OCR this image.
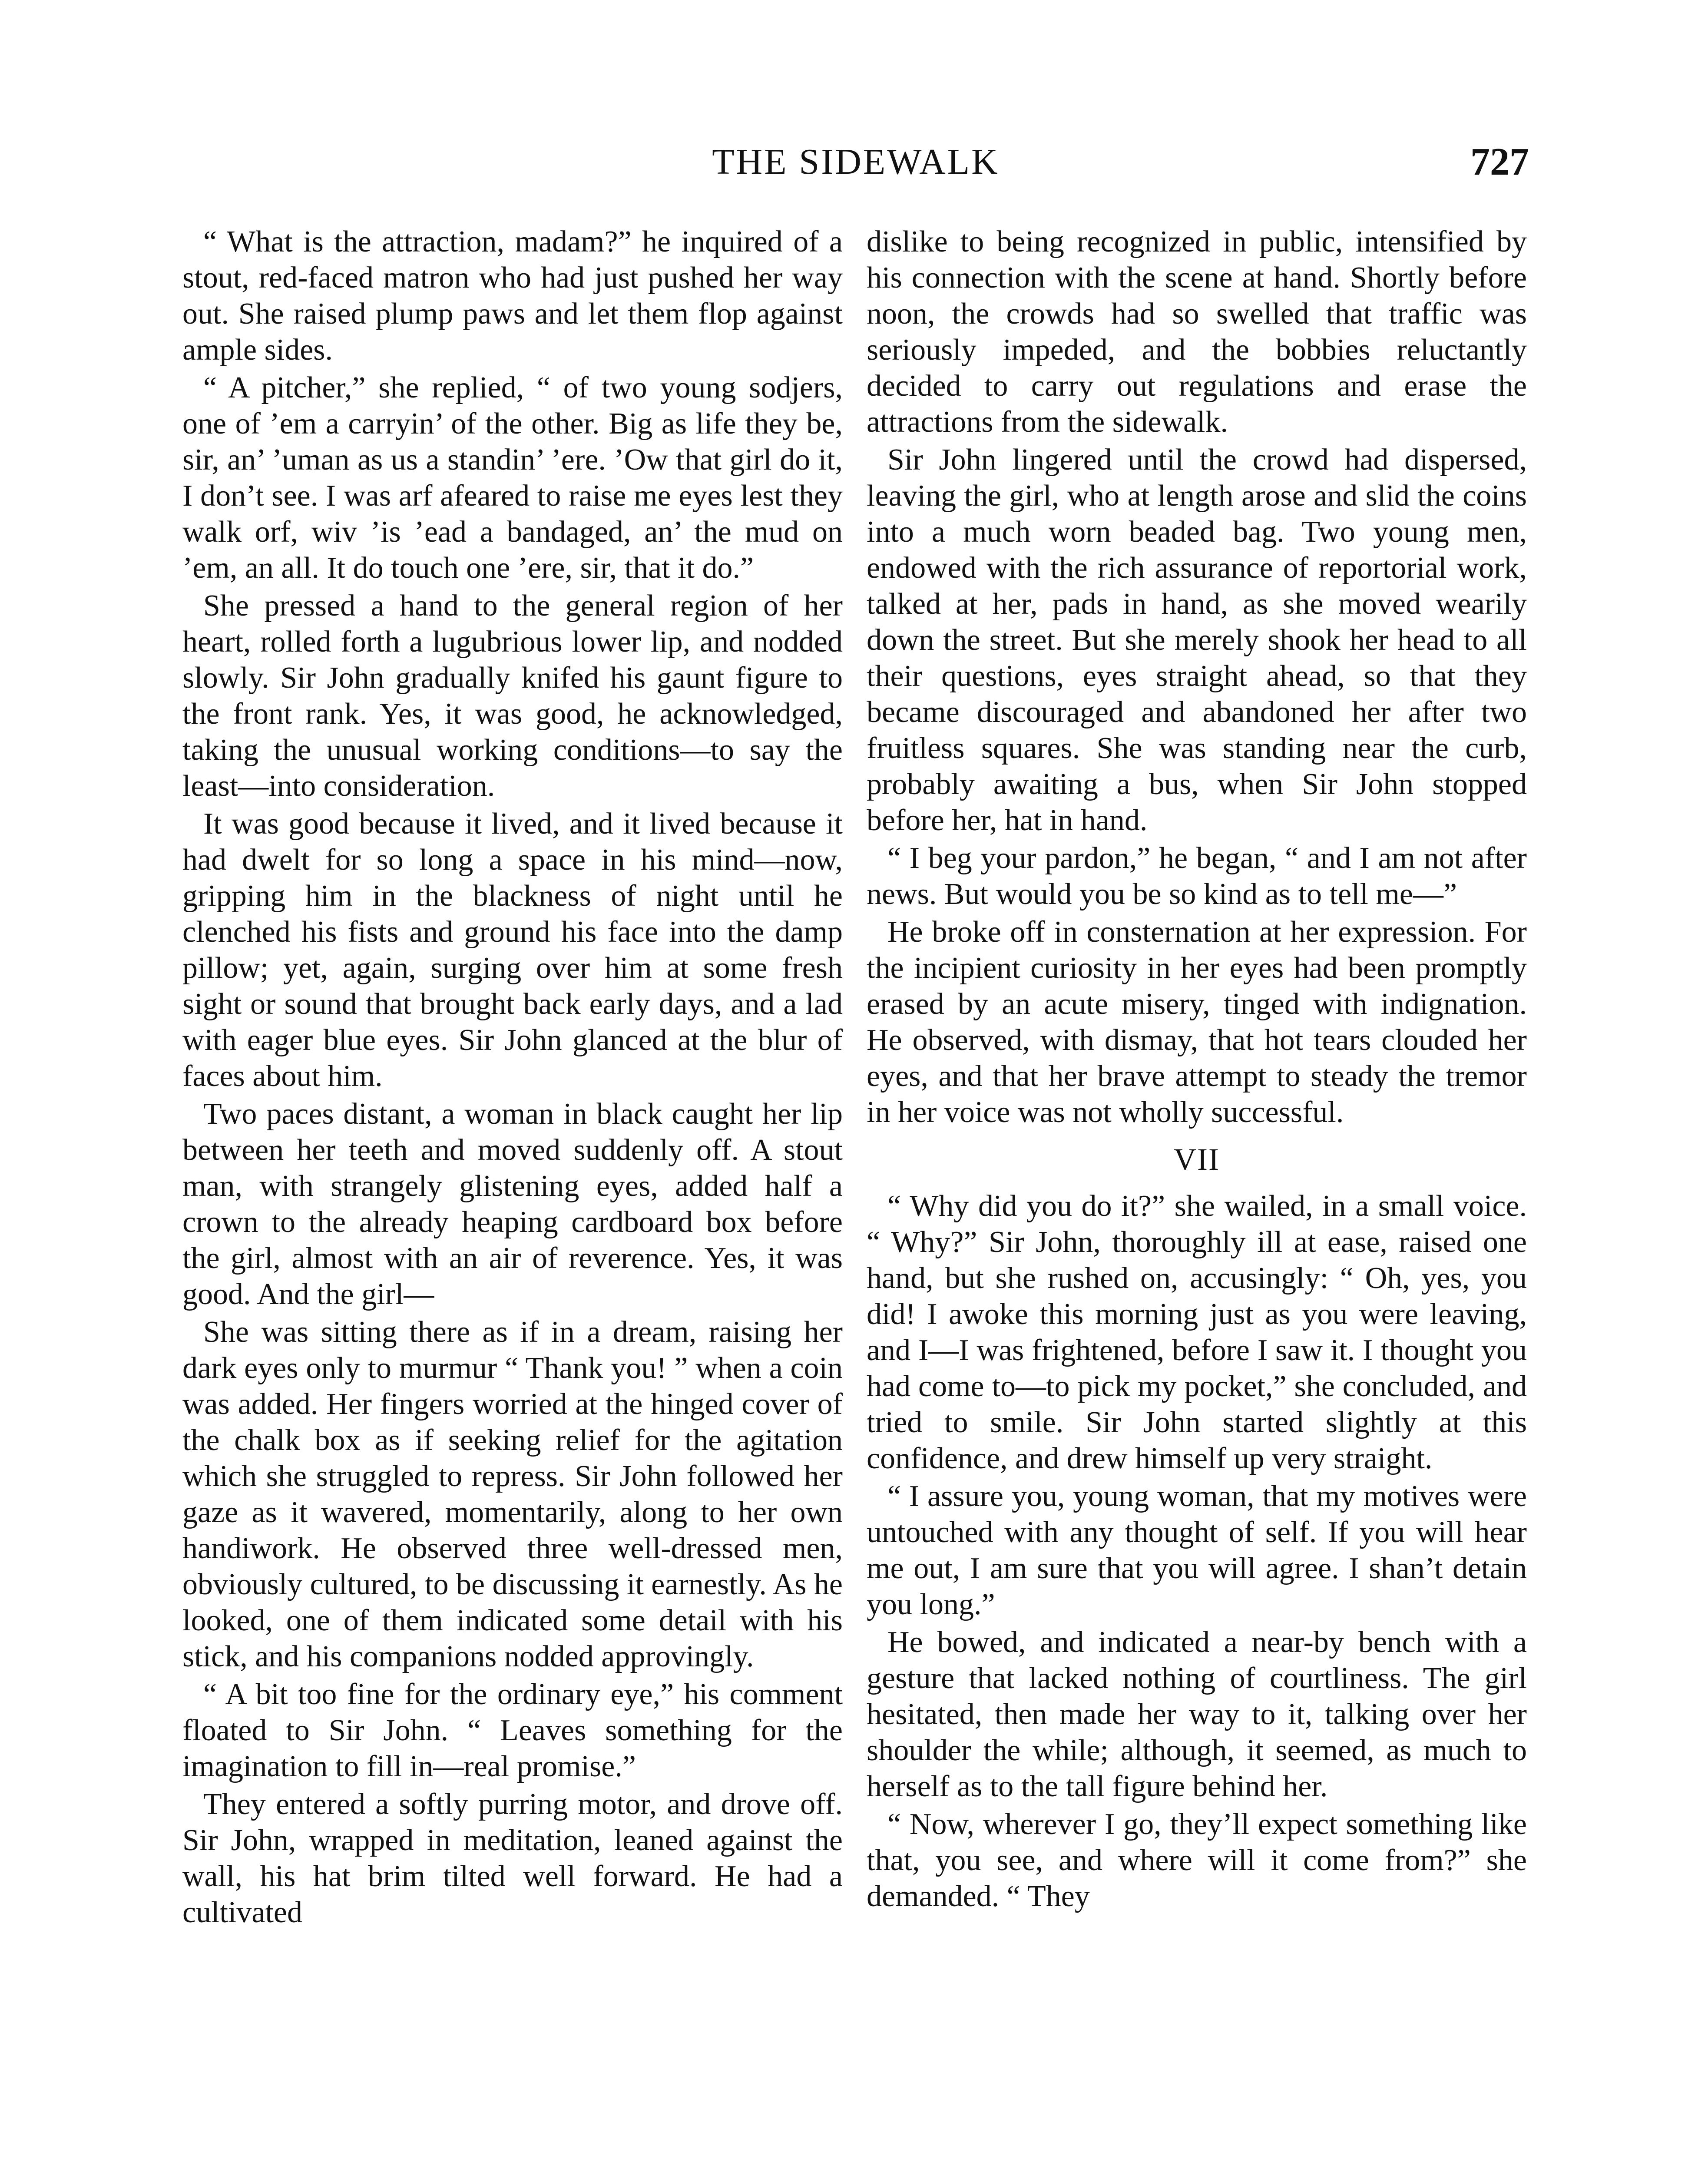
THE SIDEWALK	727

“ What is the attraction, madam?” he inquired of a stout, red-faced matron who had just pushed her way out. She raised plump paws and let them flop against ample sides.

“ A pitcher,” she replied, “ of two young sodjers, one of ’em a carryin’ of the other. Big as life they be, sir, an’ ’uman as us a standin’ ’ere. ’Ow that girl do it, I don’t see. I was arf afeared to raise me eyes lest they walk orf, wiv ’is ’ead a bandaged, an’ the mud on ’em, an all. It do touch one ’ere, sir, that it do.”

She pressed a hand to the general region of her heart, rolled forth a lugubrious lower lip, and nodded slowly. Sir John gradually knifed his gaunt figure to the front rank. Yes, it was good, he acknowledged, taking the unusual working conditions—to say the least—into consideration.

It was good because it lived, and it lived because it had dwelt for so long a space in his mind—now, gripping him in the blackness of night until he clenched his fists and ground his face into the damp pillow; yet, again, surging over him at some fresh sight or sound that brought back early days, and a lad with eager blue eyes. Sir John glanced at the blur of faces about him.

Two paces distant, a woman in black caught her lip between her teeth and moved suddenly off. A stout man, with strangely glistening eyes, added half a crown to the already heaping cardboard box before the girl, almost with an air of reverence. Yes, it was good. And the girl—

She was sitting there as if in a dream, raising her dark eyes only to murmur “ Thank you! ” when a coin was added. Her fingers worried at the hinged cover of the chalk box as if seeking relief for the agitation which she struggled to repress. Sir John followed her gaze as it wavered, momentarily, along to her own handiwork. He observed three well-dressed men, obviously cultured, to be discussing it earnestly. As he looked, one of them indicated some detail with his stick, and his companions nodded approvingly.

“ A bit too fine for the ordinary eye,” his comment floated to Sir John. “ Leaves something for the imagination to fill in—real promise.”

They entered a softly purring motor, and drove off. Sir John, wrapped in meditation, leaned against the wall, his hat brim tilted well forward. He had a cultivated

dislike to being recognized in public, intensified by his connection with the scene at hand. Shortly before noon, the crowds had so swelled that traffic was seriously impeded, and the bobbies reluctantly decided to carry out regulations and erase the attractions from the sidewalk.

Sir John lingered until the crowd had dispersed, leaving the girl, who at length arose and slid the coins into a much worn beaded bag. Two young men, endowed with the rich assurance of reportorial work, talked at her, pads in hand, as she moved wearily down the street. But she merely shook her head to all their questions, eyes straight ahead, so that they became discouraged and abandoned her after two fruitless squares. She was standing near the curb, probably awaiting a bus, when Sir John stopped before her, hat in hand.

“ I beg your pardon,” he began, “ and I am not after news. But would you be so kind as to tell me—”

He broke off in consternation at her expression. For the incipient curiosity in her eyes had been promptly erased by an acute misery, tinged with indignation. He observed, with dismay, that hot tears clouded her eyes, and that her brave attempt to steady the tremor in her voice was not wholly successful.

VII

“ Why did you do it?” she wailed, in a small voice. “ Why?” Sir John, thoroughly ill at ease, raised one hand, but she rushed on, accusingly: “ Oh, yes, you did! I awoke this morning just as you were leaving, and I—I was frightened, before I saw it. I thought you had come to—to pick my pocket,” she concluded, and tried to smile. Sir John started slightly at this confidence, and drew himself up very straight.

“ I assure you, young woman, that my motives were untouched with any thought of self. If you will hear me out, I am sure that you will agree. I shan’t detain you long.”

He bowed, and indicated a near-by bench with a gesture that lacked nothing of courtliness. The girl hesitated, then made her way to it, talking over her shoulder the while; although, it seemed, as much to herself as to the tall figure behind her.

“ Now, wherever I go, they’ll expect something like that, you see, and where will it come from?” she demanded. “ They
